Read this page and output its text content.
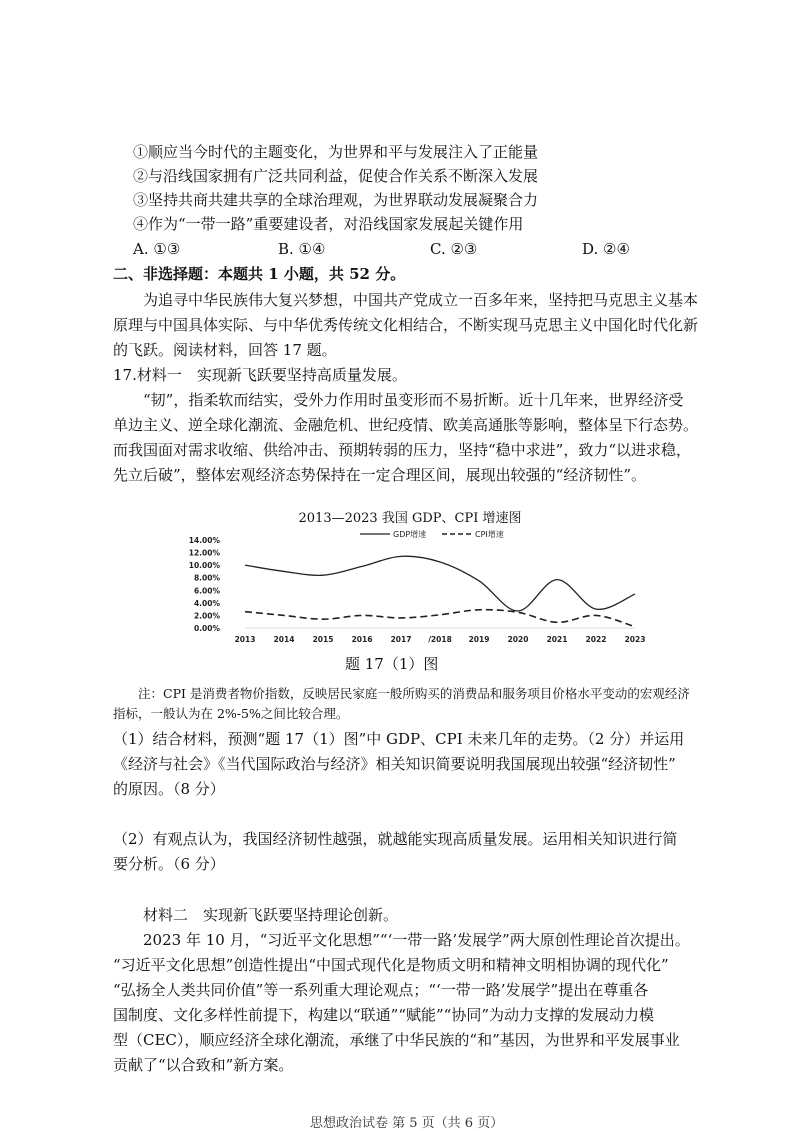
①顺应当今时代的主题变化，为世界和平与发展注入了正能量
②与沿线国家拥有广泛共同利益，促使合作关系不断深入发展
③坚持共商共建共享的全球治理观，为世界联动发展凝聚合力
④作为“一带一路”重要建设者，对沿线国家发展起关键作用
A. ①③	B. ①④	C. ②③	D. ②④
二、非选择题：本题共 1 小题，共 52 分。
为追寻中华民族伟大复兴梦想，中国共产党成立一百多年来，坚持把马克思主义基本
原理与中国具体实际、与中华优秀传统文化相结合，不断实现马克思主义中国化时代化新
的飞跃。阅读材料，回答 17 题。
17.材料一　实现新飞跃要坚持高质量发展。
“韧”，指柔软而结实，受外力作用时虽变形而不易折断。近十几年来，世界经济受
单边主义、逆全球化潮流、金融危机、世纪疫情、欧美高通胀等影响，整体呈下行态势。
而我国面对需求收缩、供给冲击、预期转弱的压力，坚持“稳中求进”，致力“以进求稳，
先立后破”，整体宏观经济态势保持在一定合理区间，展现出较强的“经济韧性”。
2013—2023 我国 GDP、CPI 增速图
GDP增速	CPI增速
0.00%
2.00%
4.00%
6.00%
8.00%
10.00%
12.00%
14.00%
2013 2014 2015 2016 2017 /2018 2019 2020 2021 2022 2023
题 17（1）图
注：CPI 是消费者物价指数，反映居民家庭一般所购买的消费品和服务项目价格水平变动的宏观经济
指标，一般认为在 2%-5%之间比较合理。
（1）结合材料，预测“题 17（1）图”中 GDP、CPI 未来几年的走势。（2 分）并运用
《经济与社会》《当代国际政治与经济》相关知识简要说明我国展现出较强“经济韧性”
的原因。（8 分）
（2）有观点认为，我国经济韧性越强，就越能实现高质量发展。运用相关知识进行简
要分析。（6 分）
材料二　实现新飞跃要坚持理论创新。
2023 年 10 月，“习近平文化思想”“‘一带一路’发展学”两大原创性理论首次提出。
“习近平文化思想”创造性提出“中国式现代化是物质文明和精神文明相协调的现代化”
“弘扬全人类共同价值”等一系列重大理论观点；“‘一带一路’发展学”提出在尊重各
国制度、文化多样性前提下，构建以“联通”“赋能”“协同”为动力支撑的发展动力模
型（CEC），顺应经济全球化潮流，承继了中华民族的“和”基因，为世界和平发展事业
贡献了“以合致和”新方案。
思想政治试卷 第 5 页（共 6 页）
